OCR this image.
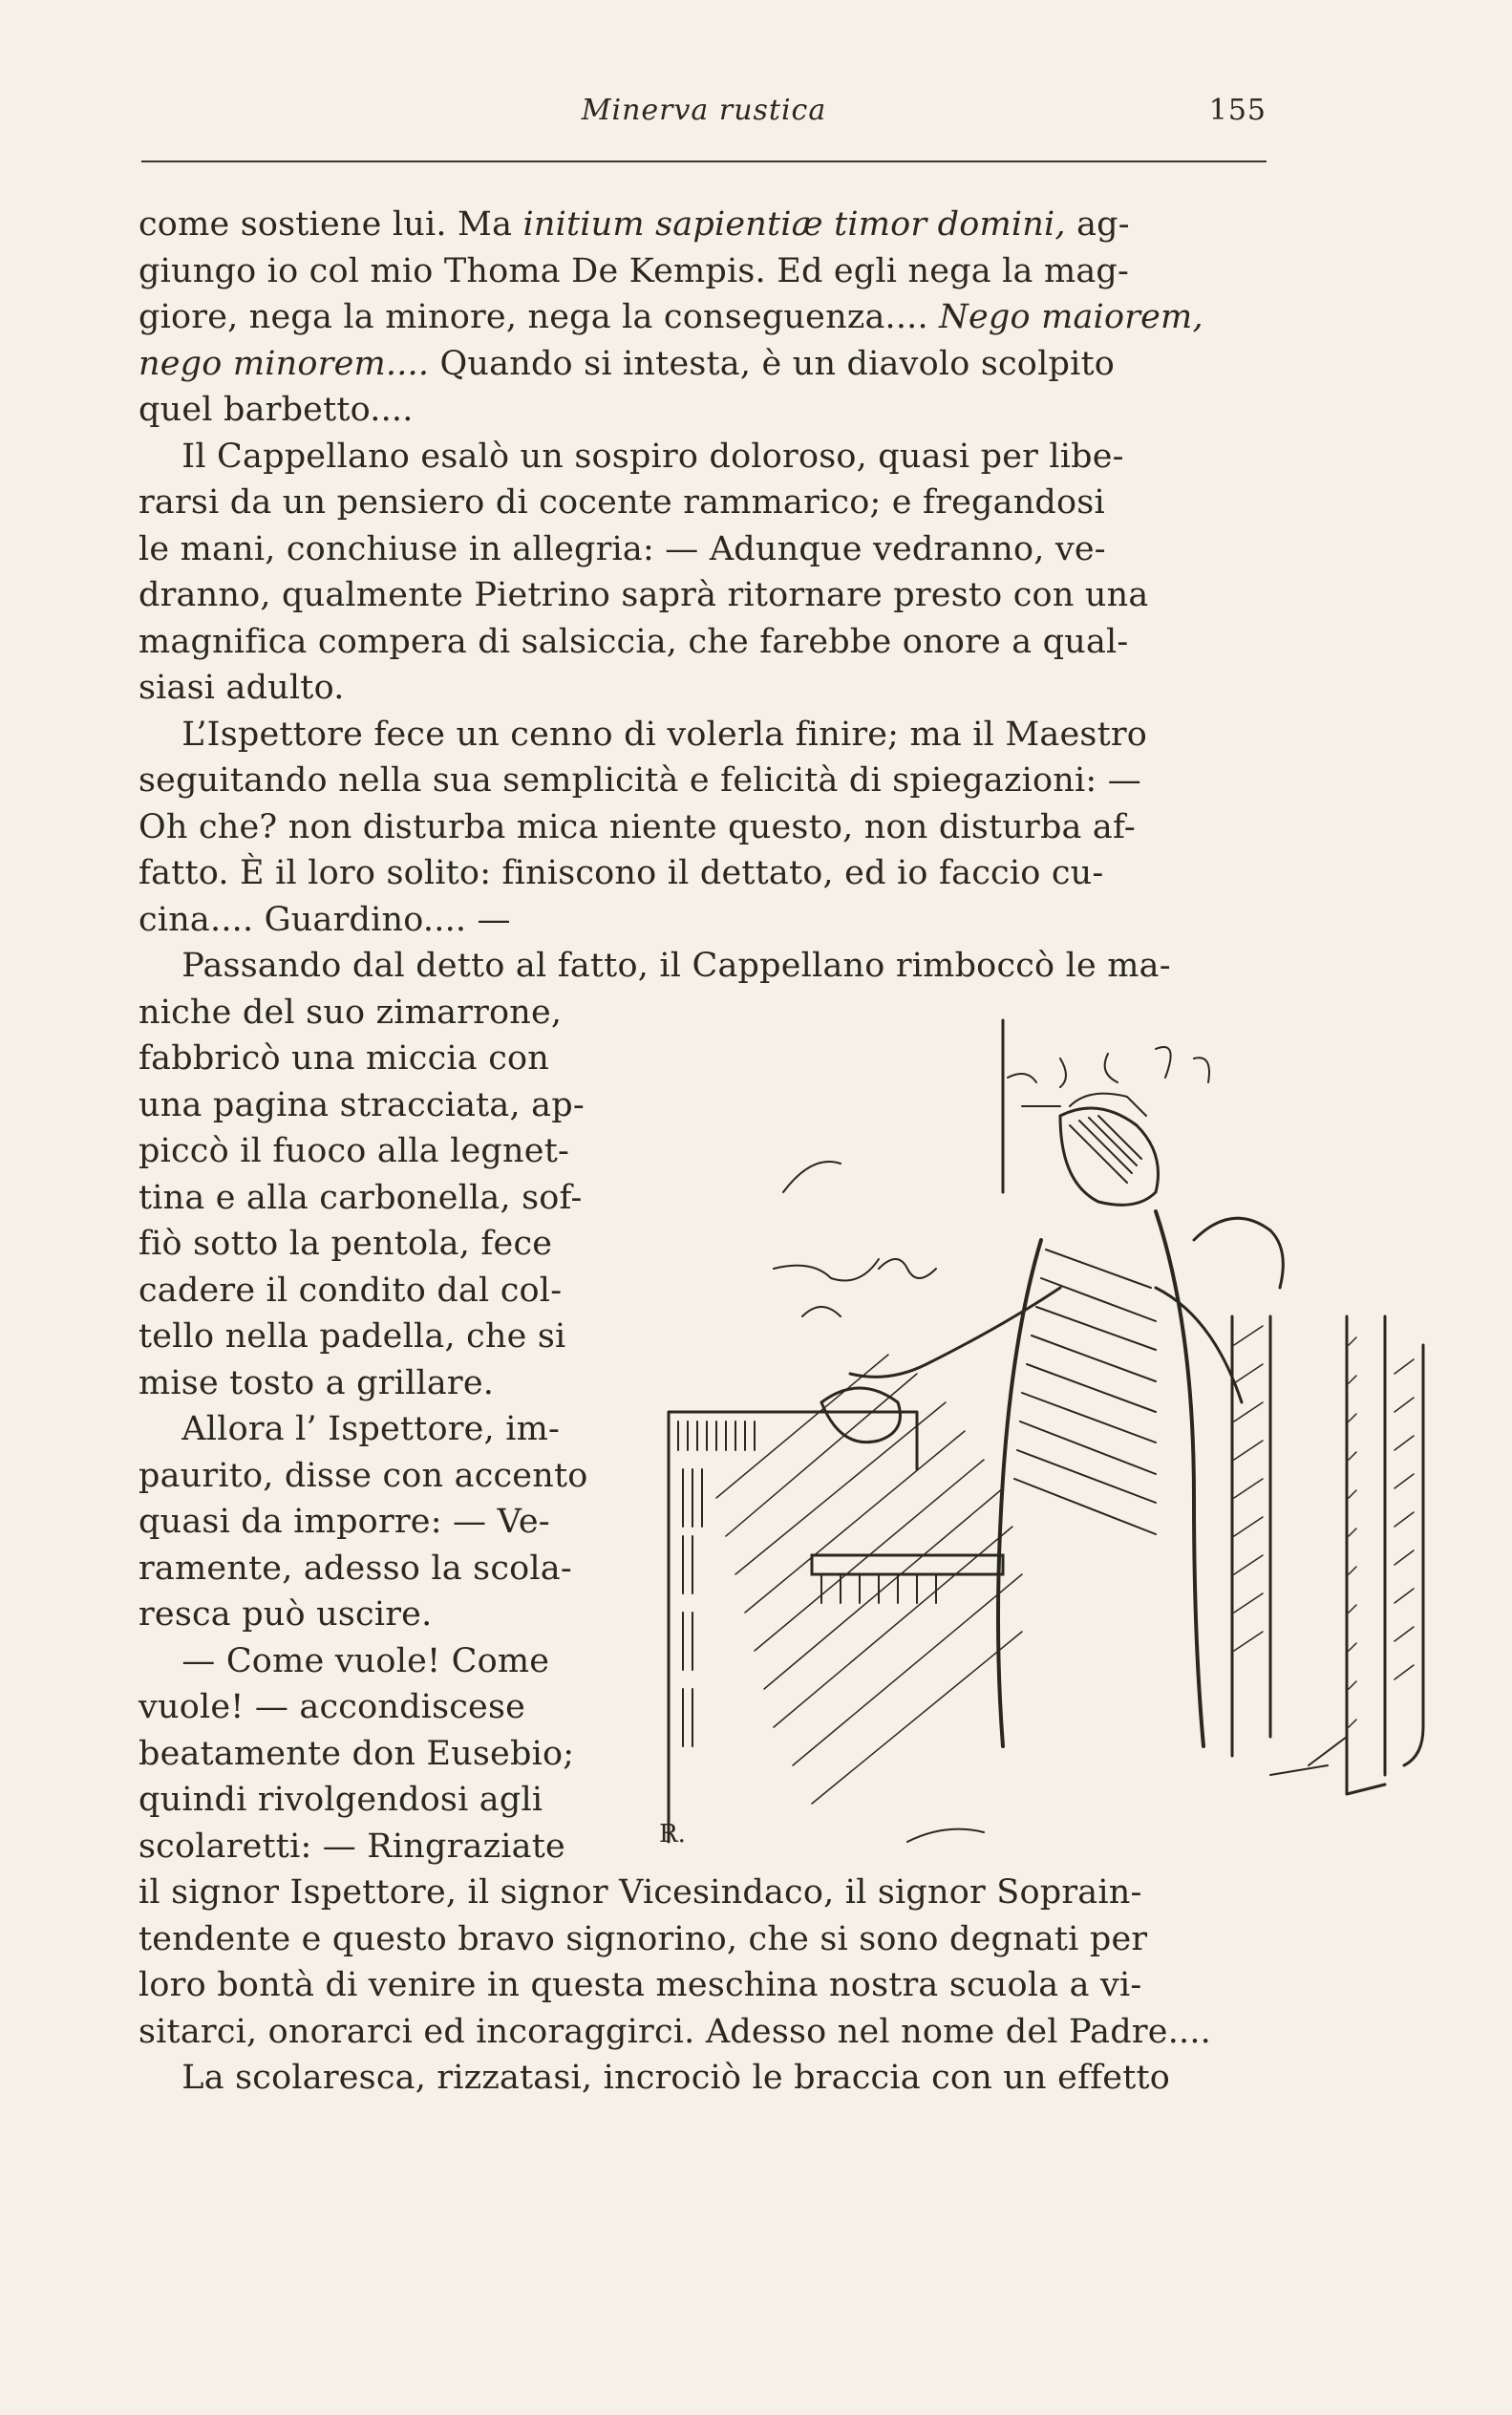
Minerva rustica	155
come sostiene lui. Ma initium sapientiæ timor domini, ag-
giungo io col mio Thoma De Kempis. Ed egli nega la mag-
giore, nega la minore, nega la conseguenza.... Nego maiorem,
nego minorem.... Quando si intesta, è un diavolo scolpito
quel barbetto....
Il Cappellano esalò un sospiro doloroso, quasi per libe-
rarsi da un pensiero di cocente rammarico; e fregandosi
le mani, conchiuse in allegria: — Adunque vedranno, ve-
dranno, qualmente Pietrino saprà ritornare presto con una
magnifica compera di salsiccia, che farebbe onore a qual-
siasi adulto.
L’Ispettore fece un cenno di volerla finire; ma il Maestro
seguitando nella sua semplicità e felicità di spiegazioni: —
Oh che? non disturba mica niente questo, non disturba af-
fatto. È il loro solito: finiscono il dettato, ed io faccio cu-
cina.... Guardino.... —
Passando dal detto al fatto, il Cappellano rimboccò le ma-
niche del suo zimarrone,
fabbricò una miccia con
una pagina stracciata, ap-
piccò il fuoco alla legnet-
tina e alla carbonella, sof-
fiò sotto la pentola, fece
cadere il condito dal col-
tello nella padella, che si
mise tosto a grillare.
Allora l’ Ispettore, im-
paurito, disse con accento
quasi da imporre: — Ve-
ramente, adesso la scola-
resca può uscire.
— Come vuole! Come
vuole! — accondiscese
beatamente don Eusebio;
quindi rivolgendosi agli
scolaretti: — Ringraziate
il signor Ispettore, il signor Vicesindaco, il signor Soprain-
tendente e questo bravo signorino, che si sono degnati per
loro bontà di venire in questa meschina nostra scuola a vi-
sitarci, onorarci ed incoraggirci. Adesso nel nome del Padre....
La scolaresca, rizzatasi, incrociò le braccia con un effetto
R.
